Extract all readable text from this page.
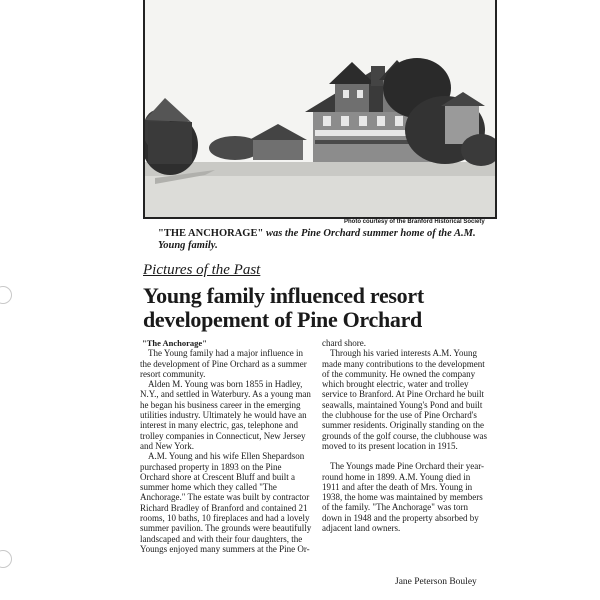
Photo courtesy of the Branford Historical Society
"THE ANCHORAGE" was the Pine Orchard summer home of the A.M. Young family.
Pictures of the Past
Young family influenced resort developement of Pine Orchard

"The Anchorage"

The Young family had a major influence in the development of Pine Orchard as a summer resort community.

Alden M. Young was born 1855 in Hadley, N.Y., and settled in Waterbury. As a young man he began his business career in the emerging utilities industry. Ultimately he would have an interest in many electric, gas, telephone and trolley companies in Connecticut, New Jersey and New York.

A.M. Young and his wife Ellen Shepardson purchased property in 1893 on the Pine Orchard shore at Crescent Bluff and built a summer home which they called "The Anchorage." The estate was built by contractor Richard Bradley of Branford and contained 21 rooms, 10 baths, 10 fireplaces and had a lovely summer pavilion. The grounds were beautifully landscaped and with their four daughters, the Youngs enjoyed many summers at the Pine Or-

chard shore.

Through his varied interests A.M. Young made many contributions to the development of the community. He owned the company which brought electric, water and trolley service to Branford. At Pine Orchard he built seawalls, maintained Young's Pond and built the clubhouse for the use of Pine Orchard's summer residents. Originally standing on the grounds of the golf course, the clubhouse was moved to its present location in 1915.

The Youngs made Pine Orchard their year-round home in 1899. A.M. Young died in 1911 and after the death of Mrs. Young in 1938, the home was maintained by members of the family. "The Anchorage" was torn down in 1948 and the property absorbed by adjacent land owners.

Jane Peterson Bouley
